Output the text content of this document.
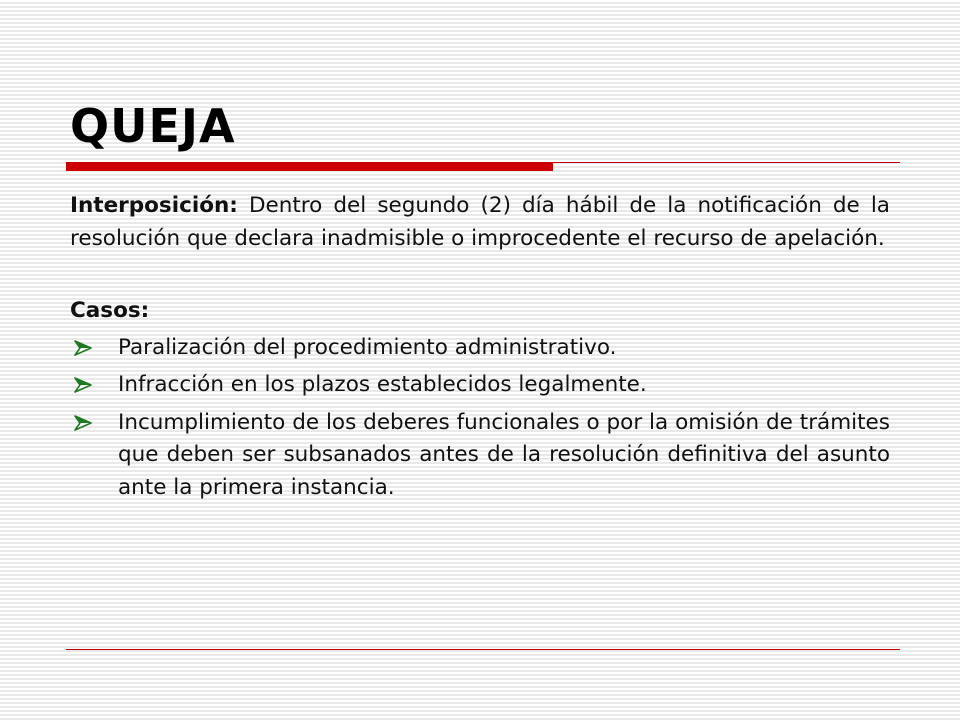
QUEJA

Interposición: Dentro del segundo (2) día hábil de la notificación de la resolución que declara inadmisible o improcedente el recurso de apelación.

Casos:

Paralización del procedimiento administrativo.
Infracción en los plazos establecidos legalmente.
Incumplimiento de los deberes funcionales o por la omisión de trámites que deben ser subsanados antes de la resolución definitiva del asunto ante la primera instancia.
